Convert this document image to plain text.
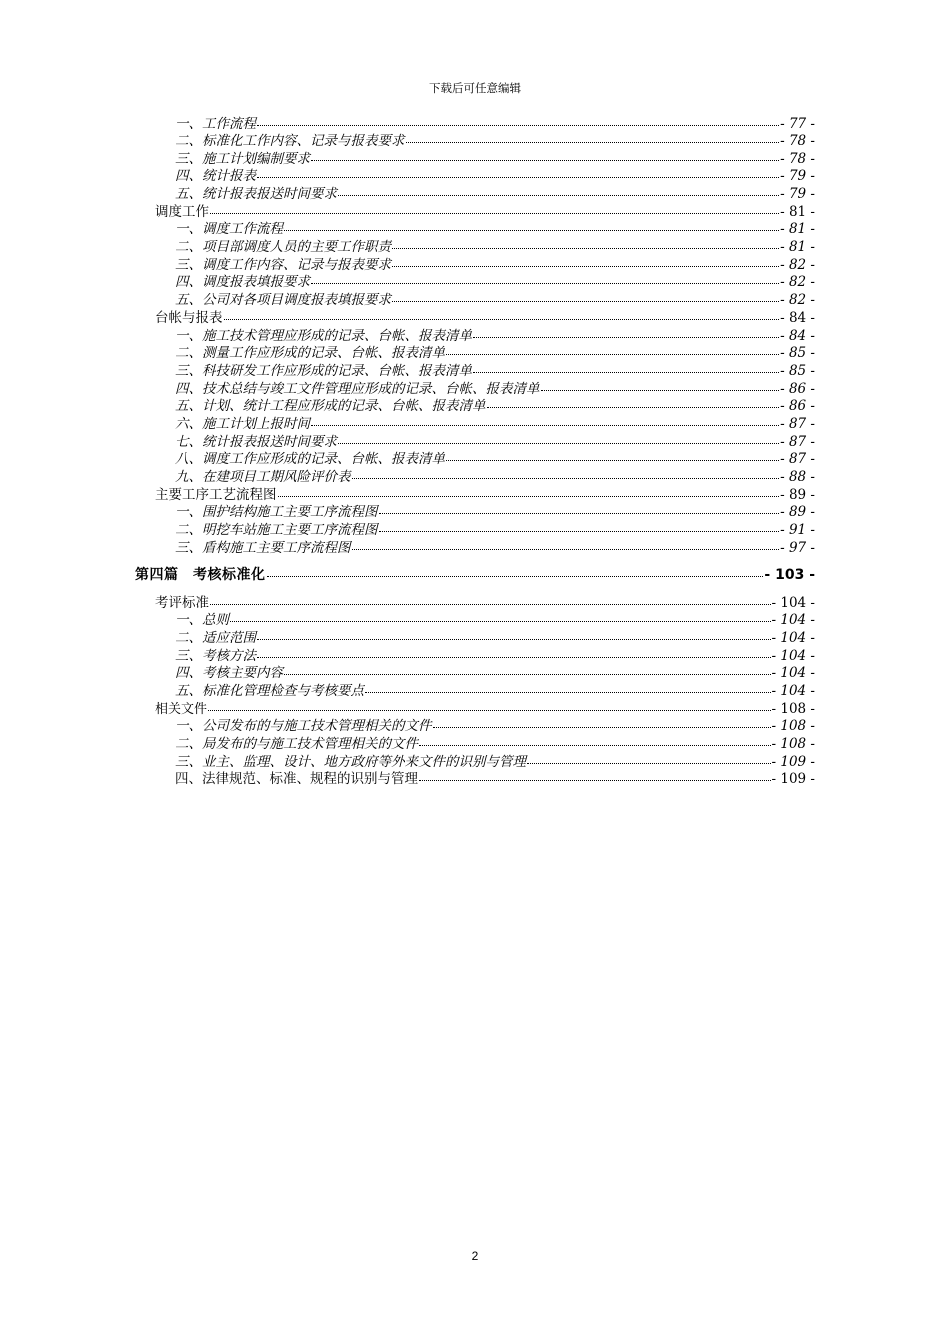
下载后可任意编辑
一、工作流程	- 77 -
二、标准化工作内容、记录与报表要求	- 78 -
三、施工计划编制要求	- 78 -
四、统计报表	- 79 -
五、统计报表报送时间要求	- 79 -
调度工作	- 81 -
一、调度工作流程	- 81 -
二、项目部调度人员的主要工作职责	- 81 -
三、调度工作内容、记录与报表要求	- 82 -
四、调度报表填报要求	- 82 -
五、公司对各项目调度报表填报要求	- 82 -
台帐与报表	- 84 -
一、施工技术管理应形成的记录、台帐、报表清单	- 84 -
二、测量工作应形成的记录、台帐、报表清单	- 85 -
三、科技研发工作应形成的记录、台帐、报表清单	- 85 -
四、技术总结与竣工文件管理应形成的记录、台帐、报表清单	- 86 -
五、计划、统计工程应形成的记录、台帐、报表清单	- 86 -
六、施工计划上报时间	- 87 -
七、统计报表报送时间要求	- 87 -
八、调度工作应形成的记录、台帐、报表清单	- 87 -
九、在建项目工期风险评价表	- 88 -
主要工序工艺流程图	- 89 -
一、围护结构施工主要工序流程图	- 89 -
二、明挖车站施工主要工序流程图	- 91 -
三、盾构施工主要工序流程图	- 97 -
第四篇　考核标准化	- 103 -
考评标准	- 104 -
一、总则	- 104 -
二、适应范围	- 104 -
三、考核方法	- 104 -
四、考核主要内容	- 104 -
五、标准化管理检查与考核要点	- 104 -
相关文件	- 108 -
一、公司发布的与施工技术管理相关的文件	- 108 -
二、局发布的与施工技术管理相关的文件	- 108 -
三、业主、监理、设计、地方政府等外来文件的识别与管理	- 109 -
四、法律规范、标准、规程的识别与管理	- 109 -
2
